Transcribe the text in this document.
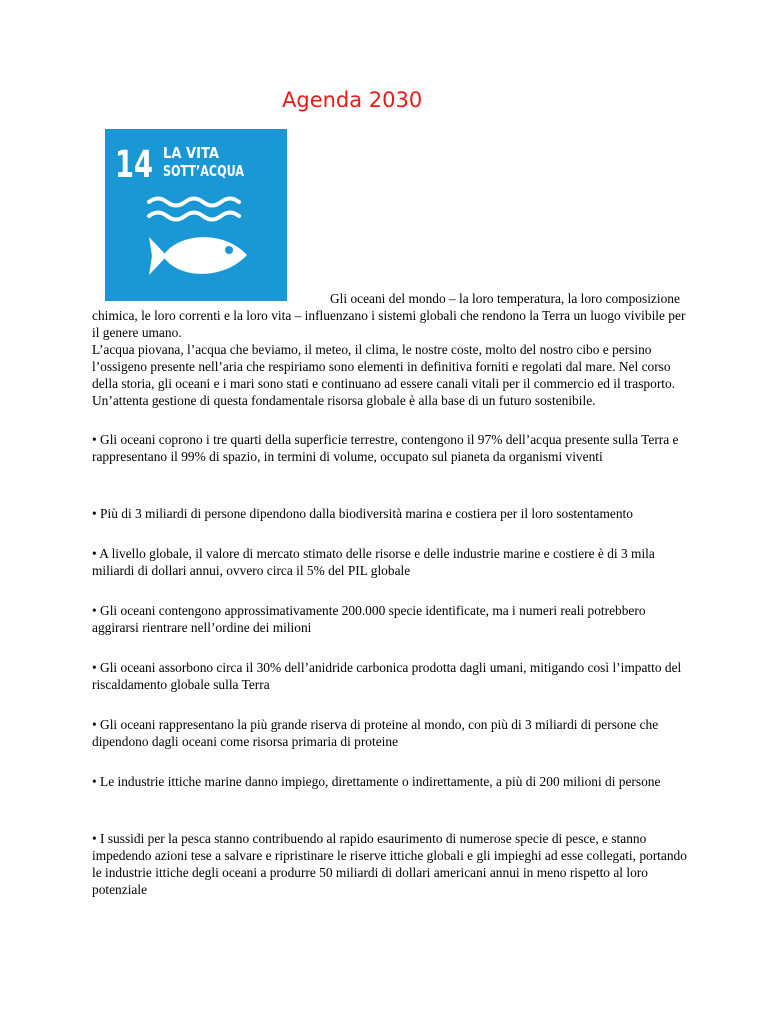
Agenda 2030
14 LA VITA
SOTT’ACQUA

Gli oceani del mondo – la loro temperatura, la loro composizione chimica, le loro correnti e la loro vita – influenzano i sistemi globali che rendono la Terra un luogo vivibile per il genere umano.

L’acqua piovana, l’acqua che beviamo, il meteo, il clima, le nostre coste, molto del nostro cibo e persino l’ossigeno presente nell’aria che respiriamo sono elementi in definitiva forniti e regolati dal mare. Nel corso della storia, gli oceani e i mari sono stati e continuano ad essere canali vitali per il commercio ed il trasporto.

Un’attenta gestione di questa fondamentale risorsa globale è alla base di un futuro sostenibile.

• Gli oceani coprono i tre quarti della superficie terrestre, contengono il 97% dell’acqua presente sulla Terra e rappresentano il 99% di spazio, in termini di volume, occupato sul pianeta da organismi viventi

• Più di 3 miliardi di persone dipendono dalla biodiversità marina e costiera per il loro sostentamento

• A livello globale, il valore di mercato stimato delle risorse e delle industrie marine e costiere è di 3 mila miliardi di dollari annui, ovvero circa il 5% del PIL globale

• Gli oceani contengono approssimativamente 200.000 specie identificate, ma i numeri reali potrebbero aggirarsi rientrare nell’ordine dei milioni

• Gli oceani assorbono circa il 30% dell’anidride carbonica prodotta dagli umani, mitigando così l’impatto del riscaldamento globale sulla Terra

• Gli oceani rappresentano la più grande riserva di proteine al mondo, con più di 3 miliardi di persone che dipendono dagli oceani come risorsa primaria di proteine

• Le industrie ittiche marine danno impiego, direttamente o indirettamente, a più di 200 milioni di persone

• I sussidi per la pesca stanno contribuendo al rapido esaurimento di numerose specie di pesce, e stanno impedendo azioni tese a salvare e ripristinare le riserve ittiche globali e gli impieghi ad esse collegati, portando le industrie ittiche degli oceani a produrre 50 miliardi di dollari americani annui in meno rispetto al loro potenziale
